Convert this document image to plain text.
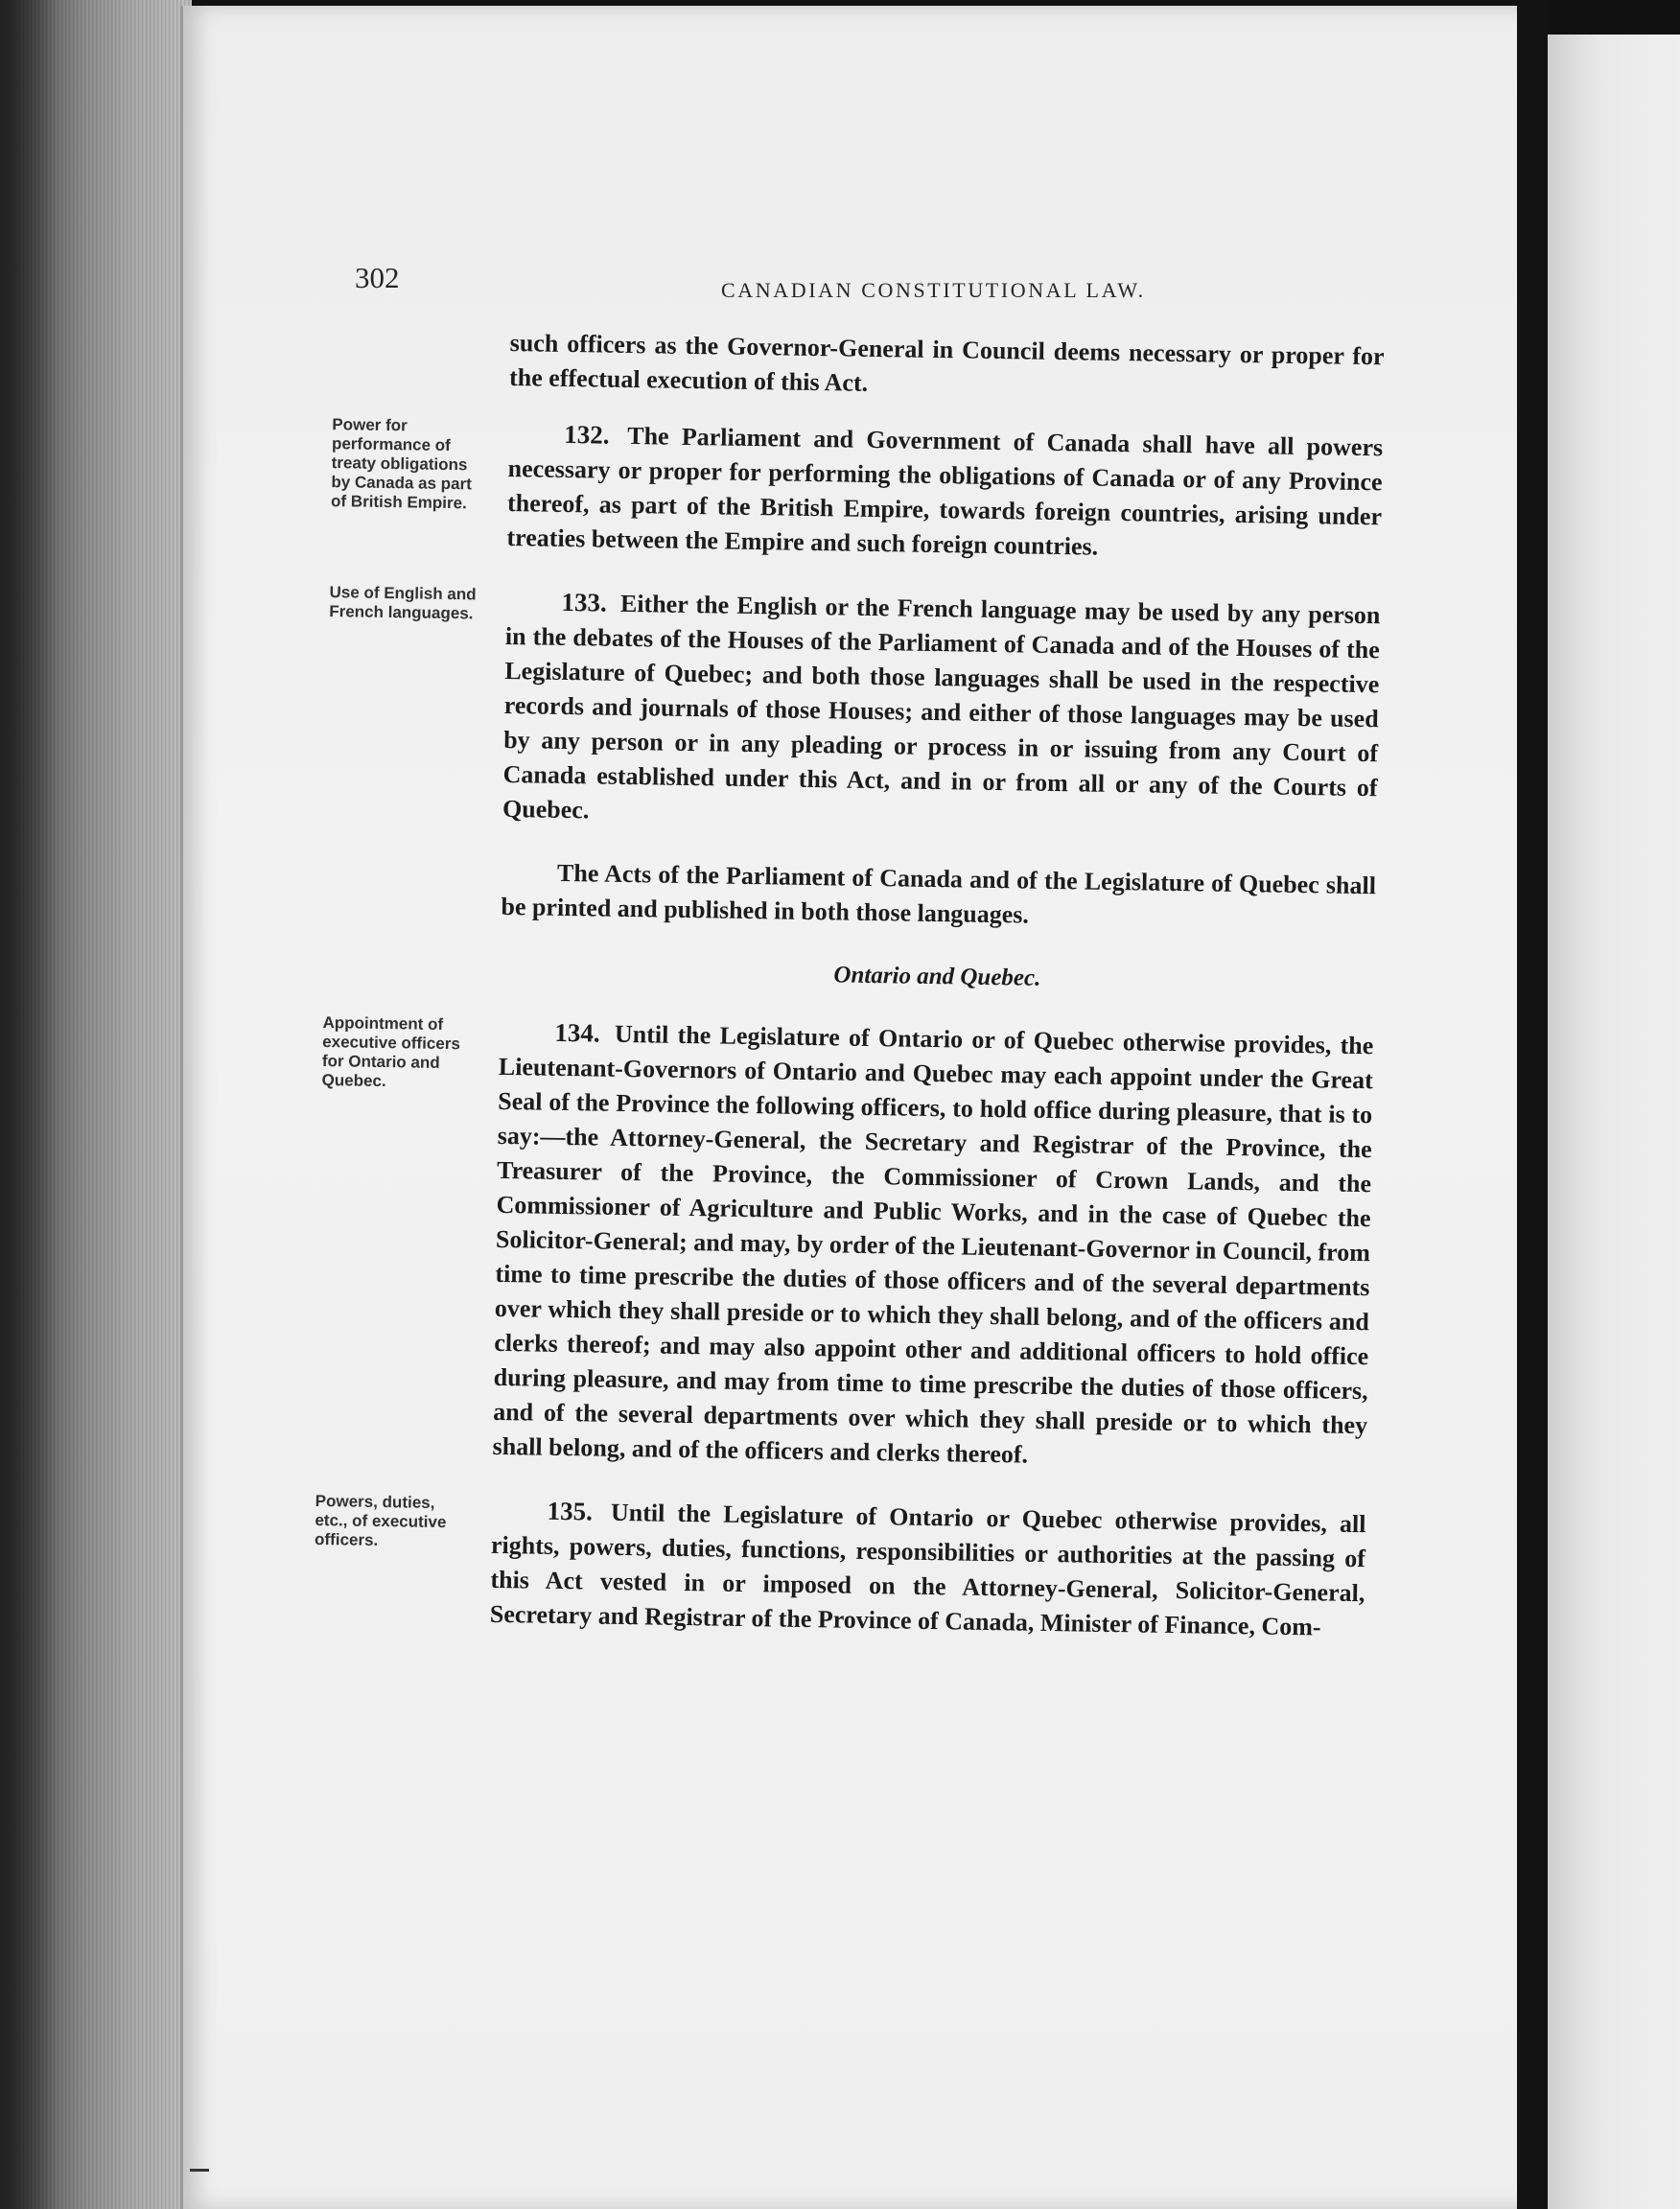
302	CANADIAN CONSTITUTIONAL LAW.
such officers as the Governor-General in Council deems necessary or proper for the effectual execution of this Act.
Power for performance of treaty obligations by Canada as part of British Empire.
132. The Parliament and Government of Canada shall have all powers necessary or proper for performing the obligations of Canada or of any Province thereof, as part of the British Empire, towards foreign countries, arising under treaties between the Empire and such foreign countries.
Use of English and French languages.	133. Either the English or the French language may be used by any person in the debates of the Houses of the Parliament of Canada and of the Houses of the Legislature of Quebec; and both those languages shall be used in the respective records and journals of those Houses; and either of those languages may be used by any person or in any pleading or process in or issuing from any Court of Canada established under this Act, and in or from all or any of the Courts of Quebec.
The Acts of the Parliament of Canada and of the Legislature of Quebec shall be printed and published in both those languages.
Ontario and Quebec.
Appointment of executive officers for Ontario and Quebec.
134. Until the Legislature of Ontario or of Quebec otherwise provides, the Lieutenant-Governors of Ontario and Quebec may each appoint under the Great Seal of the Province the following officers, to hold office during pleasure, that is to say:—the Attorney-General, the Secretary and Registrar of the Province, the Treasurer of the Province, the Commissioner of Crown Lands, and the Commissioner of Agriculture and Public Works, and in the case of Quebec the Solicitor-General; and may, by order of the Lieutenant-Governor in Council, from time to time prescribe the duties of those officers and of the several departments over which they shall preside or to which they shall belong, and of the officers and clerks thereof; and may also appoint other and additional officers to hold office during pleasure, and may from time to time prescribe the duties of those officers, and of the several departments over which they shall preside or to which they shall belong, and of the officers and clerks thereof.
Powers, duties, etc., of executive officers.
135. Until the Legislature of Ontario or Quebec otherwise provides, all rights, powers, duties, functions, responsibilities or authorities at the passing of this Act vested in or imposed on the Attorney-General, Solicitor-General, Secretary and Registrar of the Province of Canada, Minister of Finance, Com-
